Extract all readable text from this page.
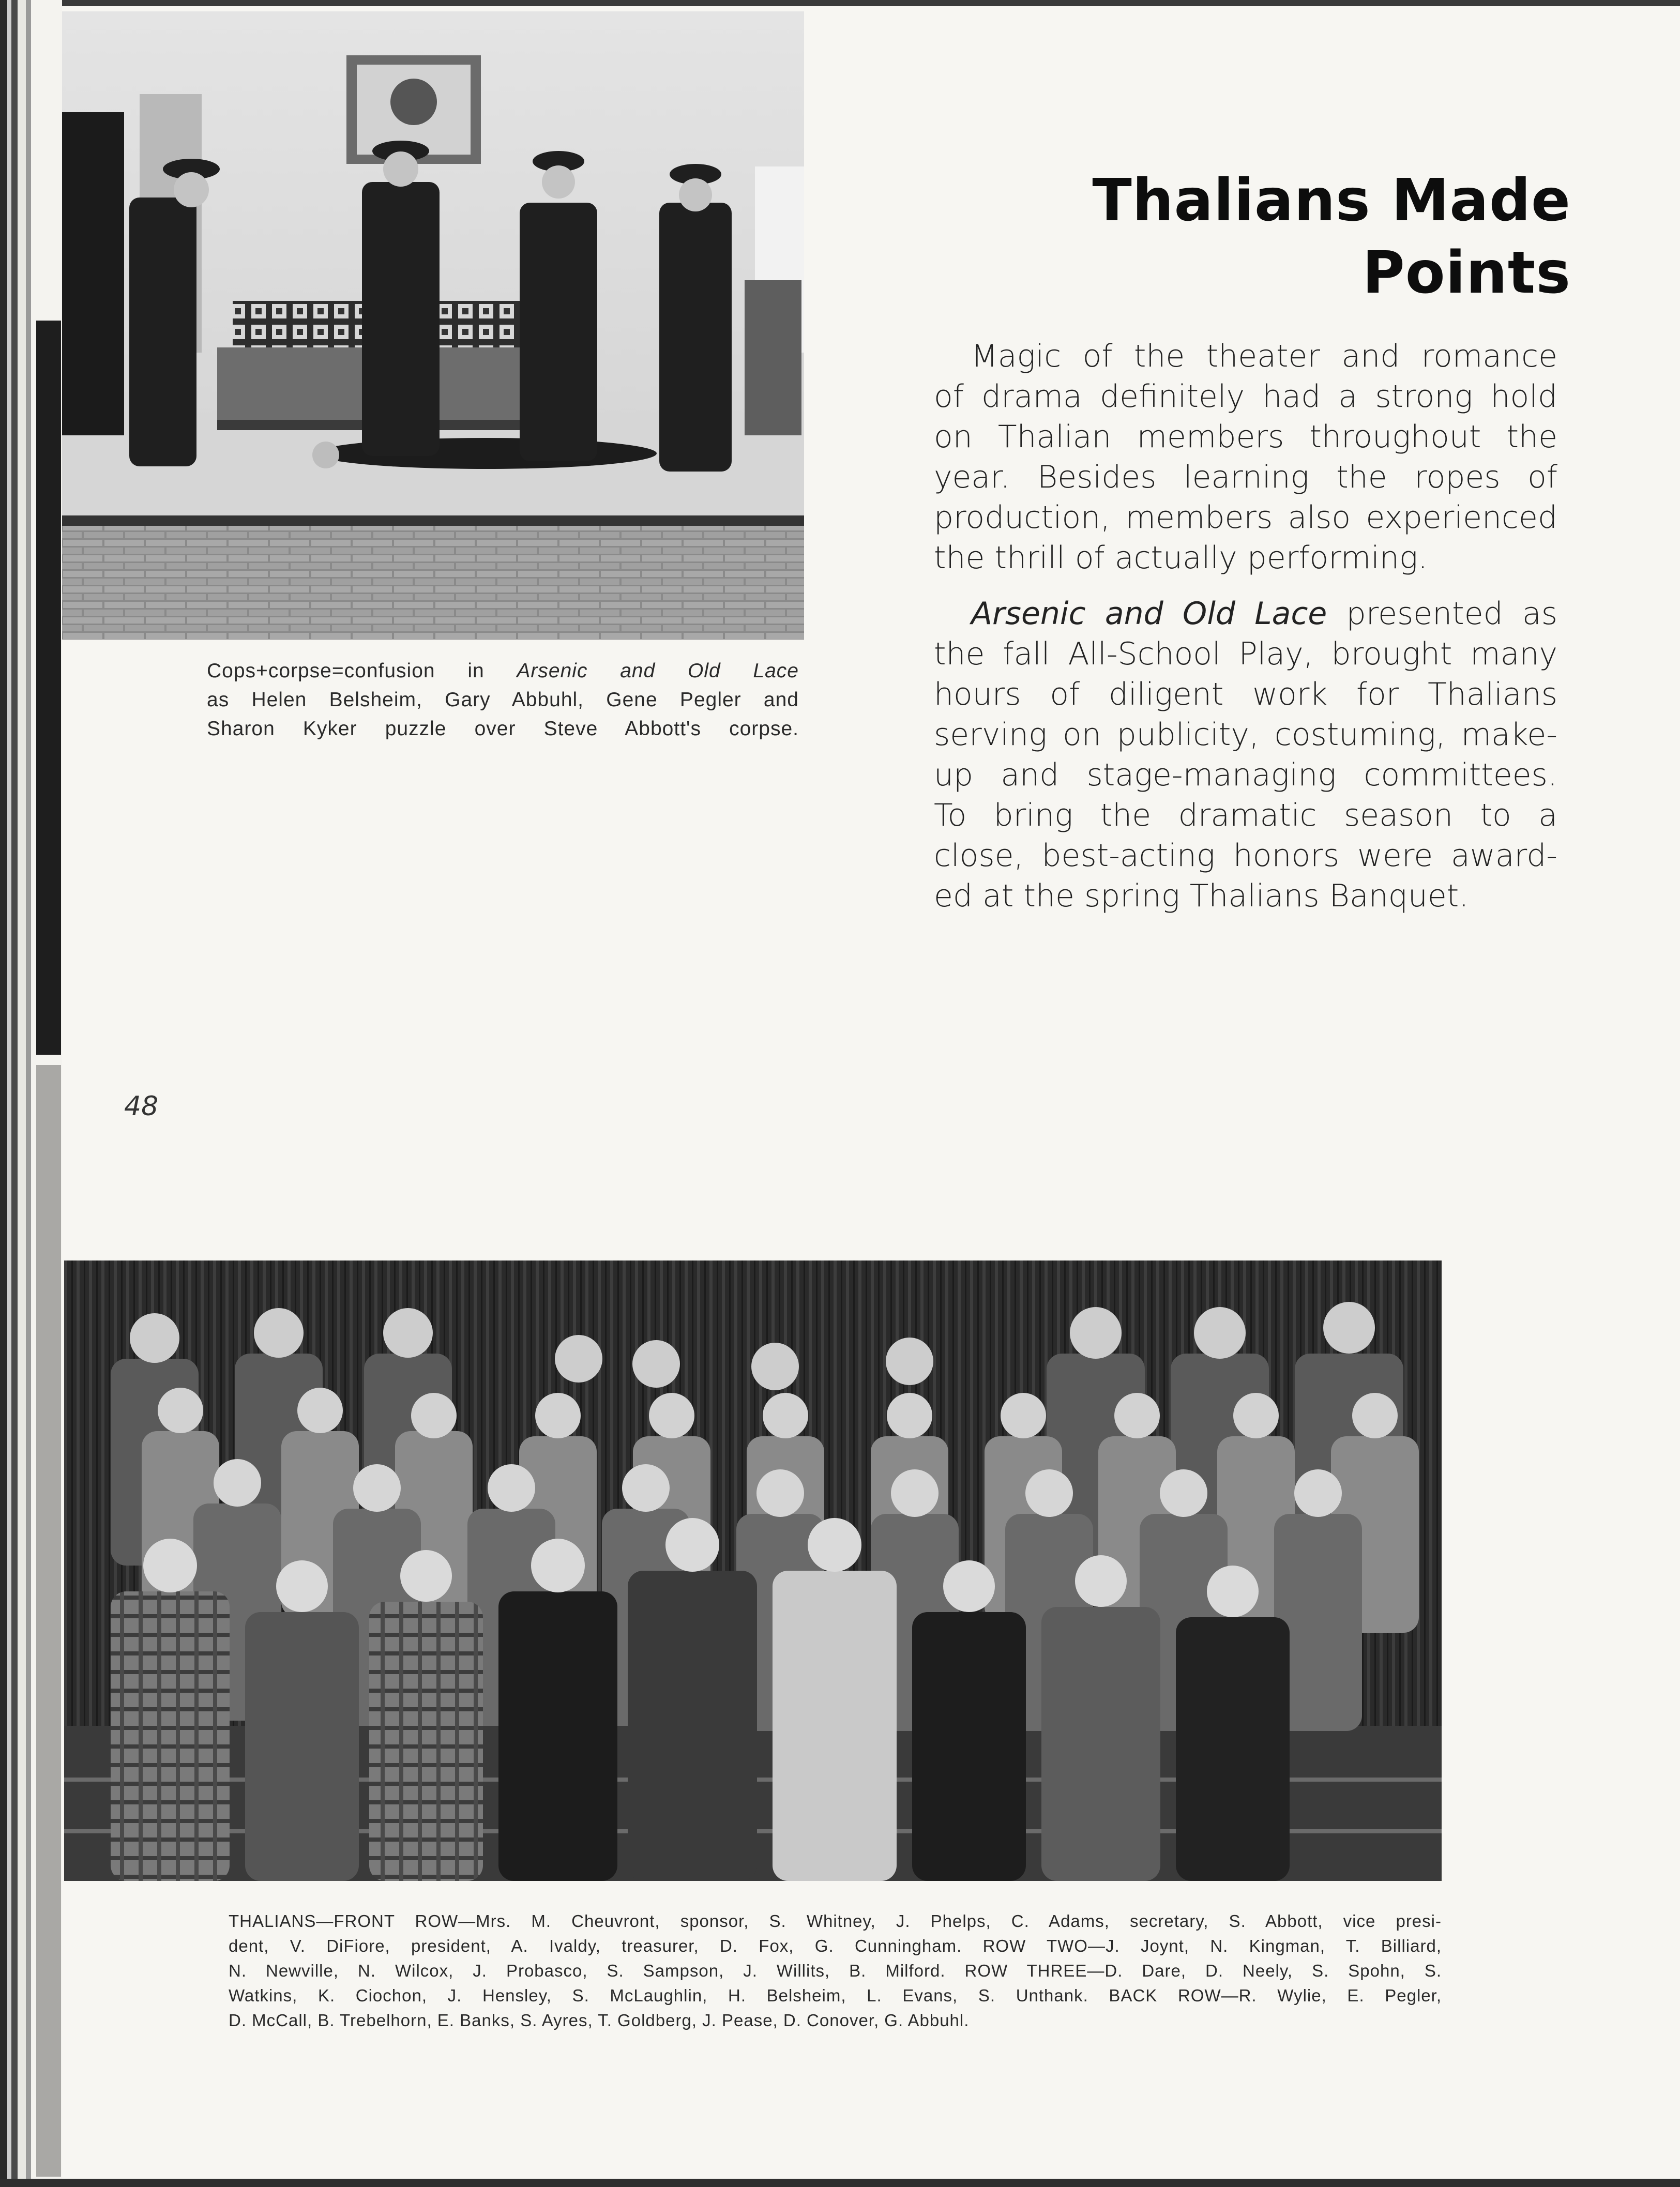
Cops+corpse=confusion in Arsenic and Old Lace
as Helen Belsheim, Gary Abbuhl, Gene Pegler and
Sharon Kyker puzzle over Steve Abbott's corpse.
Thalians Made Points
Magic of the theater and romance
of drama definitely had a strong hold
on Thalian members throughout the
year. Besides learning the ropes of
production, members also experienced
the thrill of actually performing.
Arsenic and Old Lace presented as
the fall All-School Play, brought many
hours of diligent work for Thalians
serving on publicity, costuming, make-
up and stage-managing committees.
To bring the dramatic season to a
close, best-acting honors were award-
ed at the spring Thalians Banquet.
48
THALIANS—FRONT ROW—Mrs. M. Cheuvront, sponsor, S. Whitney, J. Phelps, C. Adams, secretary, S. Abbott, vice presi-
dent, V. DiFiore, president, A. Ivaldy, treasurer, D. Fox, G. Cunningham. ROW TWO—J. Joynt, N. Kingman, T. Billiard,
N. Newville, N. Wilcox, J. Probasco, S. Sampson, J. Willits, B. Milford. ROW THREE—D. Dare, D. Neely, S. Spohn, S.
Watkins, K. Ciochon, J. Hensley, S. McLaughlin, H. Belsheim, L. Evans, S. Unthank. BACK ROW—R. Wylie, E. Pegler,
D. McCall, B. Trebelhorn, E. Banks, S. Ayres, T. Goldberg, J. Pease, D. Conover, G. Abbuhl.
